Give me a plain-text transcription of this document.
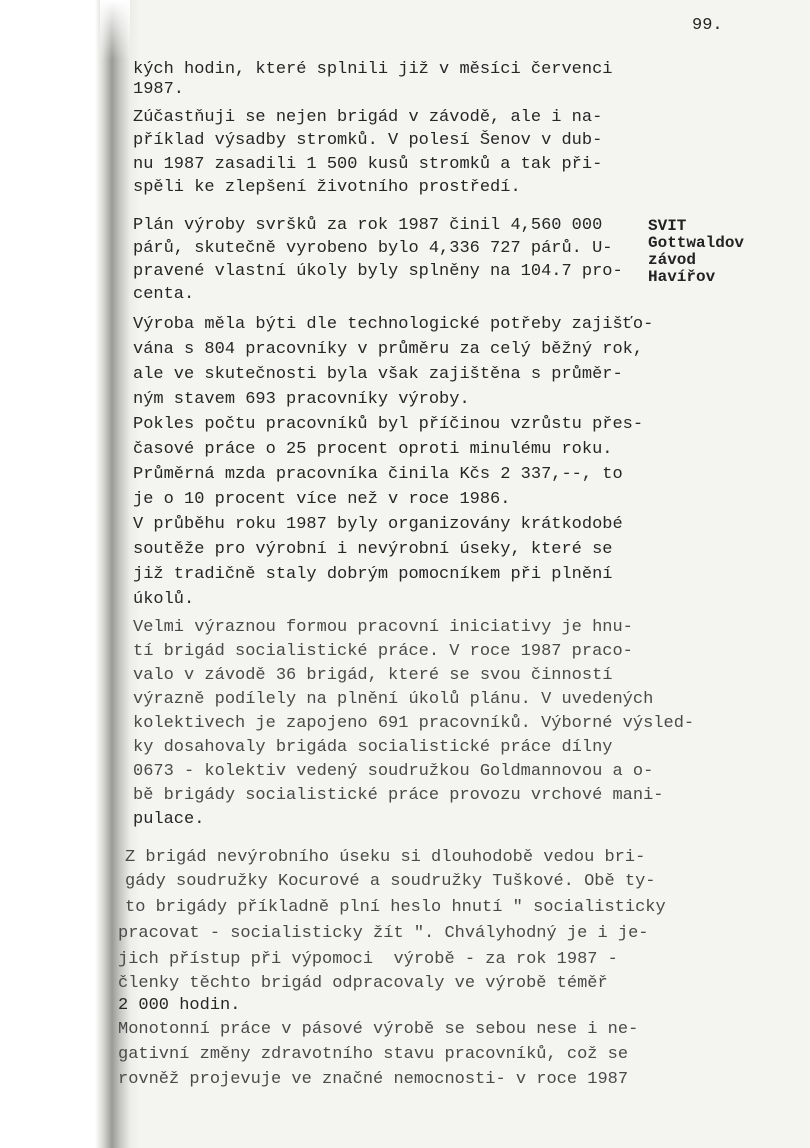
99.
SVIT
Gottwaldov
závod
Havířov
kých hodin, které splnili již v měsíci červenci
1987.
Zúčastňuji se nejen brigád v závodě, ale i na-
příklad výsadby stromků. V polesí Šenov v dub-
nu 1987 zasadili 1 500 kusů stromků a tak při-
spěli ke zlepšení životního prostředí.
Plán výroby svršků za rok 1987 činil 4,560 000
párů, skutečně vyrobeno bylo 4,336 727 párů. U-
pravené vlastní úkoly byly splněny na 104.7 pro-
centa.
Výroba měla býti dle technologické potřeby zajišťo-
vána s 804 pracovníky v průměru za celý běžný rok,
ale ve skutečnosti byla však zajištěna s průměr-
ným stavem 693 pracovníky výroby.
Pokles počtu pracovníků byl příčinou vzrůstu přes-
časové práce o 25 procent oproti minulému roku.
Průměrná mzda pracovníka činila Kčs 2 337,--, to
je o 10 procent více než v roce 1986.
V průběhu roku 1987 byly organizovány krátkodobé
soutěže pro výrobní i nevýrobní úseky, které se
již tradičně staly dobrým pomocníkem při plnění
úkolů.
Velmi výraznou formou pracovní iniciativy je hnu-
tí brigád socialistické práce. V roce 1987 praco-
valo v závodě 36 brigád, které se svou činností
výrazně podílely na plnění úkolů plánu. V uvedených
kolektivech je zapojeno 691 pracovníků. Výborné výsled-
ky dosahovaly brigáda socialistické práce dílny
0673 - kolektiv vedený soudružkou Goldmannovou a o-
bě brigády socialistické práce provozu vrchové mani-
pulace.
Z brigád nevýrobního úseku si dlouhodobě vedou bri-
gády soudružky Kocurové a soudružky Tuškové. Obě ty-
to brigády příkladně plní heslo hnutí " socialisticky
pracovat - socialisticky žít ". Chvályhodný je i je-
jich přístup při výpomoci  výrobě - za rok 1987 -
členky těchto brigád odpracovaly ve výrobě téměř
2 000 hodin.
Monotonní práce v pásové výrobě se sebou nese i ne-
gativní změny zdravotního stavu pracovníků, což se
rovněž projevuje ve značné nemocnosti- v roce 1987
